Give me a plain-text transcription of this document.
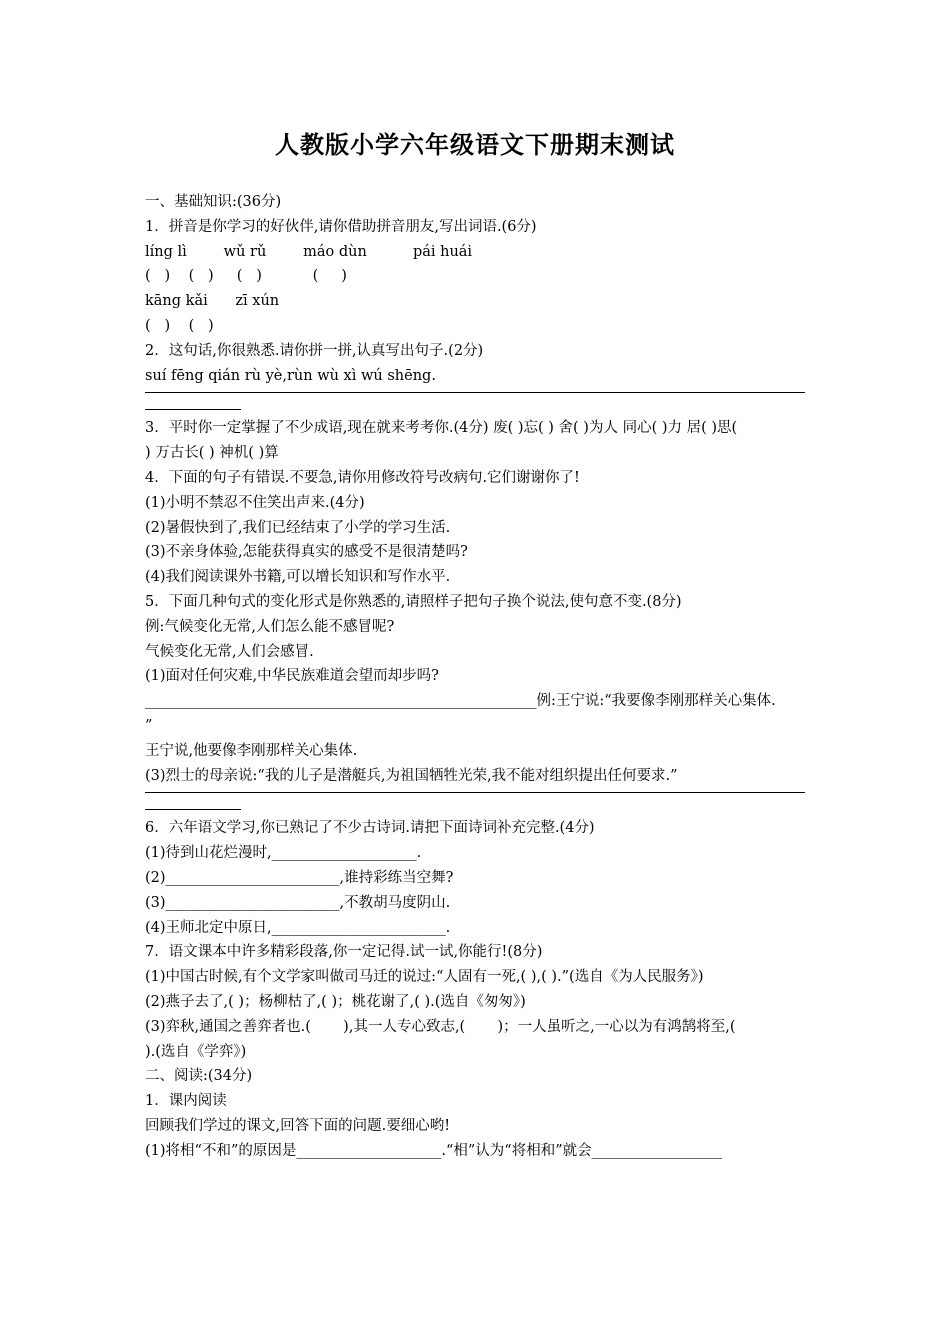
人教版小学六年级语文下册期末测试
一、基础知识:(36分)
1．拼音是你学习的好伙伴,请你借助拼音朋友,写出词语.(6分)
líng lì        wǔ rǔ        máo dùn          pái huái
(   )    (   )     (   )           (     )
kāng kǎi      zī xún
(   )    (   )
2．这句话,你很熟悉.请你拼一拼,认真写出句子.(2分)
suí fēng qián rù yè,rùn wù xì wú shēng.
3．平时你一定掌握了不少成语,现在就来考考你.(4分) 废( )忘( ) 舍( )为人 同心( )力 居( )思(
) 万古长( ) 神机( )算
4．下面的句子有错误.不要急,请你用修改符号改病句.它们谢谢你了!
(1)小明不禁忍不住笑出声来.(4分)
(2)暑假快到了,我们已经结束了小学的学习生活.
(3)不亲身体验,怎能获得真实的感受不是很清楚吗?
(4)我们阅读课外书籍,可以增长知识和写作水平.
5．下面几种句式的变化形式是你熟悉的,请照样子把句子换个说法,使句意不变.(8分)
例:气候变化无常,人们怎么能不感冒呢?
气候变化无常,人们会感冒.
(1)面对任何灾难,中华民族难道会望而却步吗?
______________________________________________________例:王宁说:“我要像李刚那样关心集体.
”
王宁说,他要像李刚那样关心集体.
(3)烈士的母亲说:“我的儿子是潜艇兵,为祖国牺牲光荣,我不能对组织提出任何要求.”
6．六年语文学习,你已熟记了不少古诗词.请把下面诗词补充完整.(4分)
(1)待到山花烂漫时,____________________.
(2)________________________,谁持彩练当空舞?
(3)________________________,不教胡马度阴山.
(4)王师北定中原日,________________________.
7．语文课本中许多精彩段落,你一定记得.试一试,你能行!(8分)
(1)中国古时候,有个文学家叫做司马迁的说过:“人固有一死,( ),( ).”(选自《为人民服务》)
(2)燕子去了,( )；杨柳枯了,( )；桃花谢了,( ).(选自《匆匆》)
(3)弈秋,通国之善弈者也.(       ),其一人专心致志,(       )；一人虽听之,一心以为有鸿鹄将至,(
).(选自《学弈》)
二、阅读:(34分)
1．课内阅读
回顾我们学过的课文,回答下面的问题.要细心哟!
(1)将相“不和”的原因是____________________.“相”认为“将相和”就会__________________
